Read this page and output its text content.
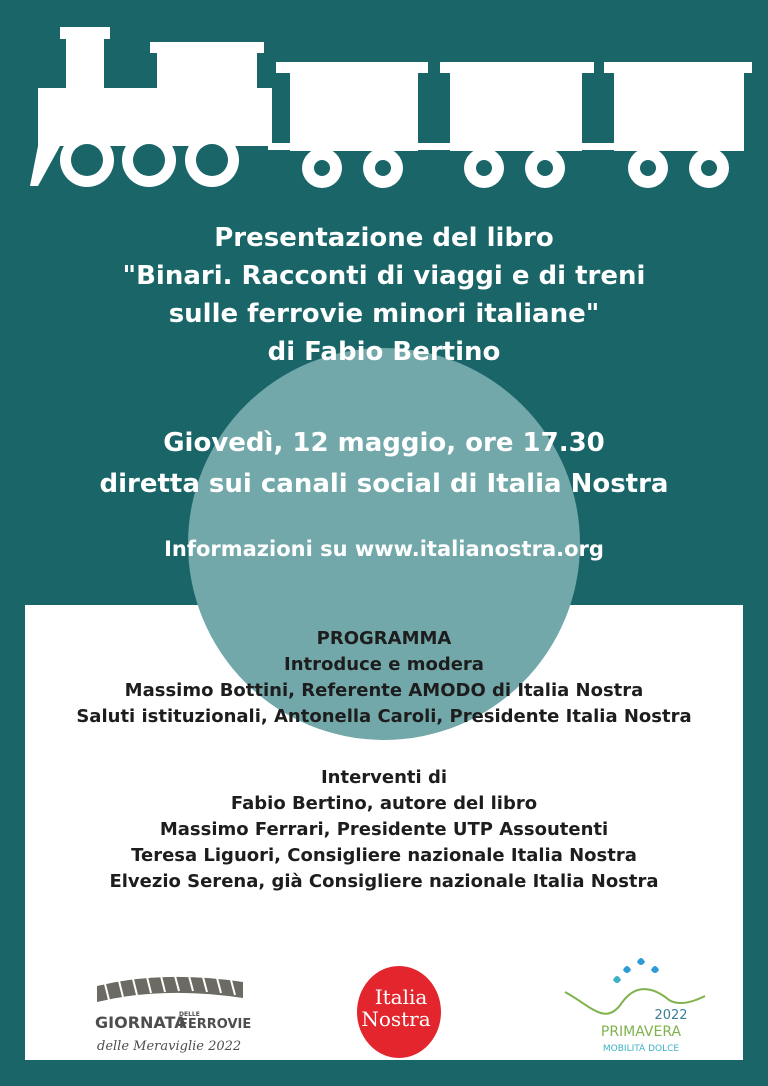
Presentazione del libro
"Binari. Racconti di viaggi e di treni
sulle ferrovie minori italiane"
di Fabio Bertino
Giovedì, 12 maggio, ore 17.30
diretta sui canali social di Italia Nostra
Informazioni su www.italianostra.org
PROGRAMMA
Introduce e modera
Massimo Bottini, Referente AMODO di Italia Nostra
Saluti istituzionali, Antonella Caroli, Presidente Italia Nostra
Interventi di
Fabio Bertino, autore del libro
Massimo Ferrari, Presidente UTP Assoutenti
Teresa Liguori, Consigliere nazionale Italia Nostra
Elvezio Serena, già Consigliere nazionale Italia Nostra
GIORNATA
DELLE
FERROVIE
delle Meraviglie 2022
Italia
Nostra	2022
PRIMAVERA
MOBILITÀ DOLCE
